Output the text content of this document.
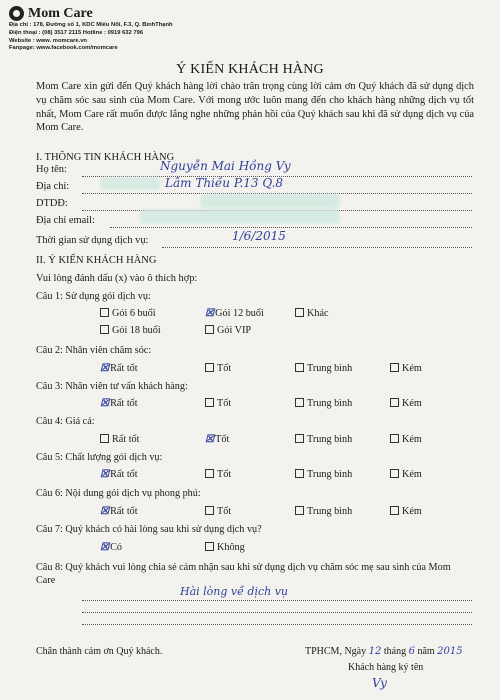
Mom Care
Địa chỉ : 178, Đường số 1, KDC Miếu Nổi, F.3, Q. BìnhThạnh
Điện thoại : (08) 3517 2115 Hotline : 0919 632 796
Website : www. momcare.vn
Fanpage: www.facebook.com/momcare
Ý KIẾN KHÁCH HÀNG
Mom Care xin gửi đến Quý khách hàng lời chào trân trọng cùng lời cảm ơn Quý khách đã sử dụng dịch vụ chăm sóc sau sinh của Mom Care. Với mong ước luôn mang đến cho khách hàng những dịch vụ tốt nhất, Mom Care rất muốn được lắng nghe những phản hồi của Quý khách sau khi đã sử dụng dịch vụ của Mom Care.
I. THÔNG TIN KHÁCH HÀNG
Họ tên:	Nguyễn Mai Hồng Vy
Địa chỉ:	Lâm Thiều P.13 Q.8
DTDĐ:
Địa chỉ email:
Thời gian sử dụng dịch vụ:	1/6/2015
II. Ý KIẾN KHÁCH HÀNG
Vui lòng đánh dấu (x) vào ô thích hợp:
Câu 1: Sử dụng gói dịch vụ:
Gói 6 buổi	☒Gói 12 buổi	Khác
Gói 18 buổi	Gói VIP
Câu 2: Nhân viên chăm sóc:
☒Rất tốt	Tốt	Trung bình	Kém
Câu 3: Nhân viên tư vấn khách hàng:
☒Rất tốt	Tốt	Trung bình	Kém
Câu 4: Giá cả:
Rất tốt	☒Tốt	Trung bình	Kém
Câu 5: Chất lượng gói dịch vụ:
☒Rất tốt	Tốt	Trung bình	Kém
Câu 6: Nội dung gói dịch vụ phong phú:
☒Rất tốt	Tốt	Trung bình	Kém
Câu 7: Quý khách có hài lòng sau khi sử dụng dịch vụ?
☒Có	Không
Câu 8: Quý khách vui lòng chia sẻ cảm nhận sau khi sử dụng dịch vụ chăm sóc mẹ sau sinh của Mom Care
Hài lòng về dịch vụ
Chân thành cảm ơn Quý khách.	TPHCM, Ngày 12 tháng 6 năm 2015
Khách hàng ký tên
Vy
